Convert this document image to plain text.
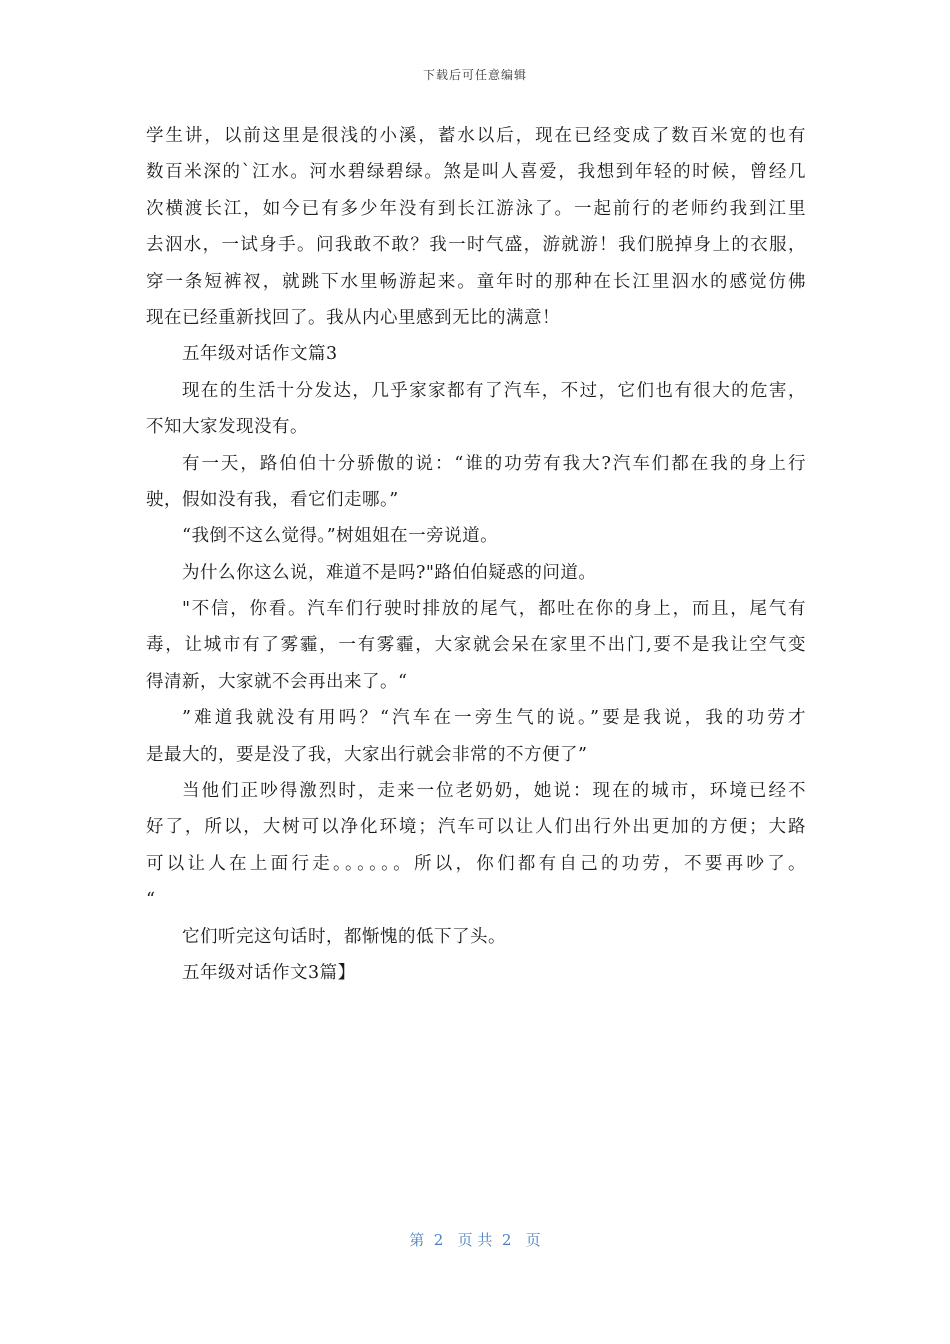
下载后可任意编辑
学生讲，以前这里是很浅的小溪，蓄水以后，现在已经变成了数百米宽的也有
数百米深的`江水。河水碧绿碧绿。煞是叫人喜爱，我想到年轻的时候，曾经几
次横渡长江，如今已有多少年没有到长江游泳了。一起前行的老师约我到江里
去泅水，一试身手。问我敢不敢？我一时气盛，游就游！我们脱掉身上的衣服，
穿一条短裤衩，就跳下水里畅游起来。童年时的那种在长江里泅水的感觉仿佛
现在已经重新找回了。我从内心里感到无比的满意！
五年级对话作文篇3
现在的生活十分发达，几乎家家都有了汽车，不过，它们也有很大的危害，
不知大家发现没有。
有一天，路伯伯十分骄傲的说：“谁的功劳有我大?汽车们都在我的身上行
驶，假如没有我，看它们走哪。”
“我倒不这么觉得。”树姐姐在一旁说道。
为什么你这么说，难道不是吗?"路伯伯疑惑的问道。
"不信，你看。汽车们行驶时排放的尾气，都吐在你的身上，而且，尾气有
毒，让城市有了雾霾，一有雾霾，大家就会呆在家里不出门,要不是我让空气变
得清新，大家就不会再出来了。“
”难道我就没有用吗？“汽车在一旁生气的说。”要是我说，我的功劳才
是最大的，要是没了我，大家出行就会非常的不方便了”
当他们正吵得激烈时，走来一位老奶奶，她说：现在的城市，环境已经不
好了，所以，大树可以净化环境；汽车可以让人们出行外出更加的方便；大路
可以让人在上面行走。。。。。。所以，你们都有自己的功劳，不要再吵了。
“
它们听完这句话时，都惭愧的低下了头。
五年级对话作文3篇】
第  2   页 共  2   页
